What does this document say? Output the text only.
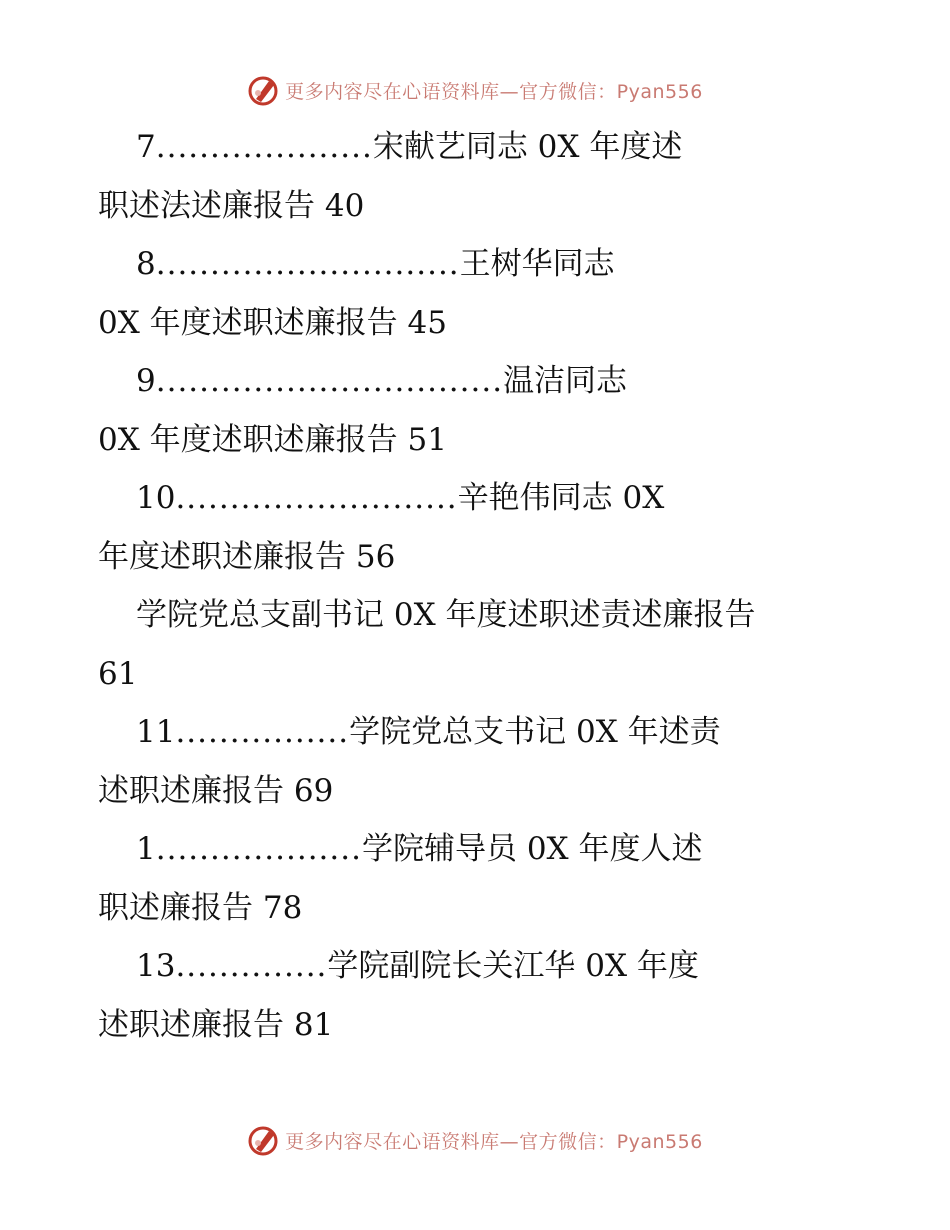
更多内容尽在心语资料库—官方微信：Pyan556
7....................宋献艺同志 0X 年度述
职述法述廉报告 40
8............................王树华同志
0X 年度述职述廉报告 45
9................................温洁同志
0X 年度述职述廉报告 51
10..........................辛艳伟同志 0X
年度述职述廉报告 56
学院党总支副书记 0X 年度述职述责述廉报告
61
11................学院党总支书记 0X 年述责
述职述廉报告 69
1...................学院辅导员 0X 年度人述
职述廉报告 78
13..............学院副院长关江华 0X 年度
述职述廉报告 81
更多内容尽在心语资料库—官方微信：Pyan556
